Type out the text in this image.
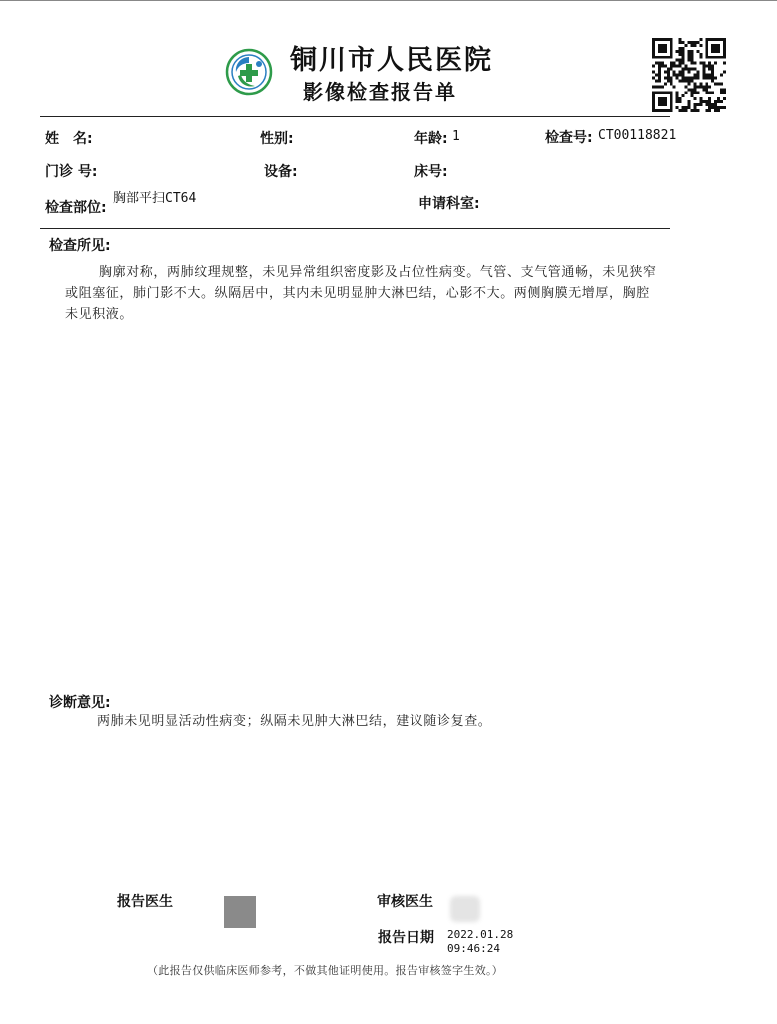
铜川市人民医院
影像检查报告单
姓　名:	性别:	年龄: 1	检查号: CT00118821
门诊 号:	设备:	床号:
检查部位:
胸部平扫CT64	申请科室:
检查所见:

胸廓对称，两肺纹理规整，未见异常组织密度影及占位性病变。气管、支气管通畅，未见狭窄或阻塞征，肺门影不大。纵隔居中，其内未见明显肿大淋巴结，心影不大。两侧胸膜无增厚，胸腔未见积液。

诊断意见:

两肺未见明显活动性病变；纵隔未见肿大淋巴结，建议随诊复查。

报告医生	审核医生
报告日期 2022.01.28
09:46:24
（此报告仅供临床医师参考，不做其他证明使用。报告审核签字生效。）
